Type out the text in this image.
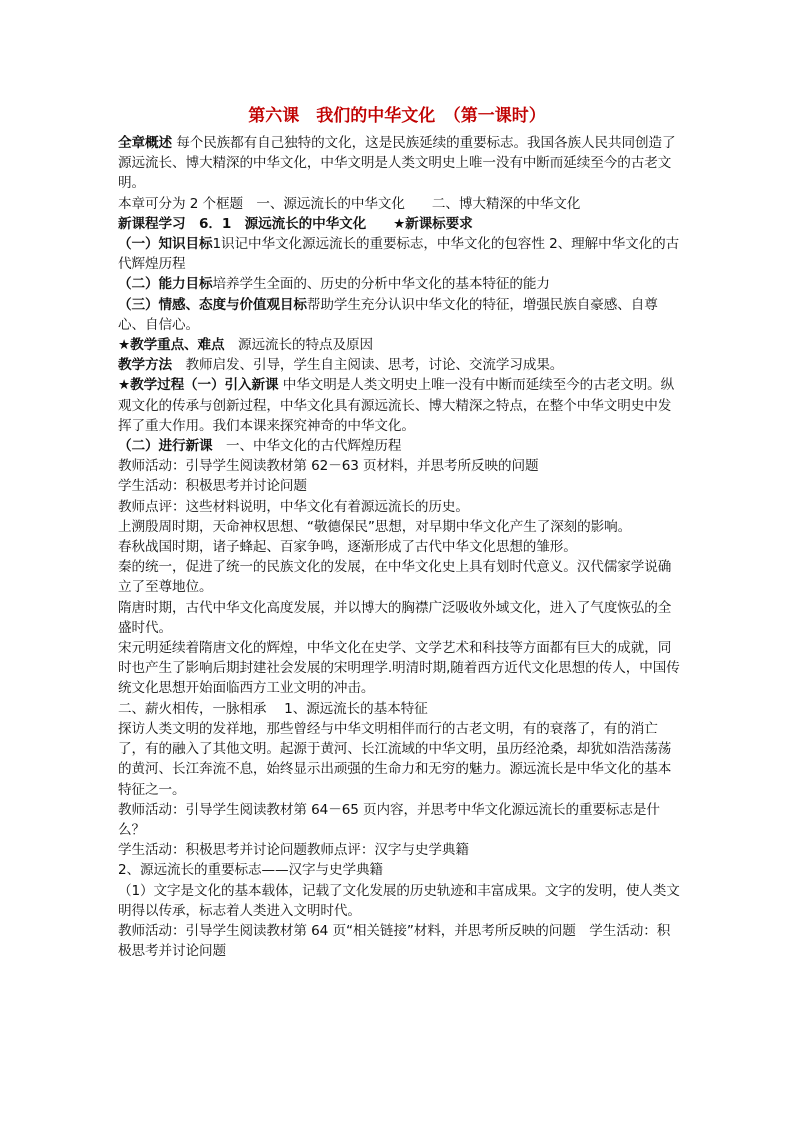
第六课　我们的中华文化　（第一课时）

全章概述 每个民族都有自己独特的文化，这是民族延续的重要标志。我国各族人民共同创造了源远流长、博大精深的中华文化，中华文明是人类文明史上唯一没有中断而延续至今的古老文明。

本章可分为 2 个框题　一、源远流长的中华文化　　二、博大精深的中华文化

新课程学习　6．1　源远流长的中华文化　　★新课标要求

（一）知识目标1识记中华文化源远流长的重要标志，中华文化的包容性 2、理解中华文化的古代辉煌历程

（二）能力目标培养学生全面的、历史的分析中华文化的基本特征的能力

（三）情感、态度与价值观目标帮助学生充分认识中华文化的特征，增强民族自豪感、自尊心、自信心。

★教学重点、难点　源远流长的特点及原因

教学方法　教师启发、引导，学生自主阅读、思考，讨论、交流学习成果。

★教学过程（一）引入新课 中华文明是人类文明史上唯一没有中断而延续至今的古老文明。纵观文化的传承与创新过程，中华文化具有源远流长、博大精深之特点，在整个中华文明史中发挥了重大作用。我们本课来探究神奇的中华文化。

（二）进行新课　一、中华文化的古代辉煌历程

教师活动：引导学生阅读教材第 62－63 页材料，并思考所反映的问题

学生活动：积极思考并讨论问题

教师点评：这些材料说明，中华文化有着源远流长的历史。

上溯殷周时期，天命神权思想、“敬德保民”思想，对早期中华文化产生了深刻的影响。

春秋战国时期，诸子蜂起、百家争鸣，逐渐形成了古代中华文化思想的雏形。

秦的统一，促进了统一的民族文化的发展，在中华文化史上具有划时代意义。汉代儒家学说确立了至尊地位。

隋唐时期，古代中华文化高度发展，并以博大的胸襟广泛吸收外域文化，进入了气度恢弘的全盛时代。

宋元明延续着隋唐文化的辉煌，中华文化在史学、文学艺术和科技等方面都有巨大的成就，同时也产生了影响后期封建社会发展的宋明理学.明清时期,随着西方近代文化思想的传人，中国传统文化思想开始面临西方工业文明的冲击。

二、薪火相传，一脉相承　 1、源远流长的基本特征

探访人类文明的发祥地，那些曾经与中华文明相伴而行的古老文明，有的衰落了，有的消亡了，有的融入了其他文明。起源于黄河、长江流域的中华文明，虽历经沧桑，却犹如浩浩荡荡的黄河、长江奔流不息，始终显示出顽强的生命力和无穷的魅力。源远流长是中华文化的基本特征之一。

教师活动：引导学生阅读教材第 64－65 页内容，并思考中华文化源远流长的重要标志是什么？

学生活动：积极思考并讨论问题教师点评：汉字与史学典籍

2、源远流长的重要标志——汉字与史学典籍

（1）文字是文化的基本载体，记载了文化发展的历史轨迹和丰富成果。文字的发明，使人类文明得以传承，标志着人类进入文明时代。

教师活动：引导学生阅读教材第 64 页“相关链接”材料，并思考所反映的问题　学生活动：积极思考并讨论问题
